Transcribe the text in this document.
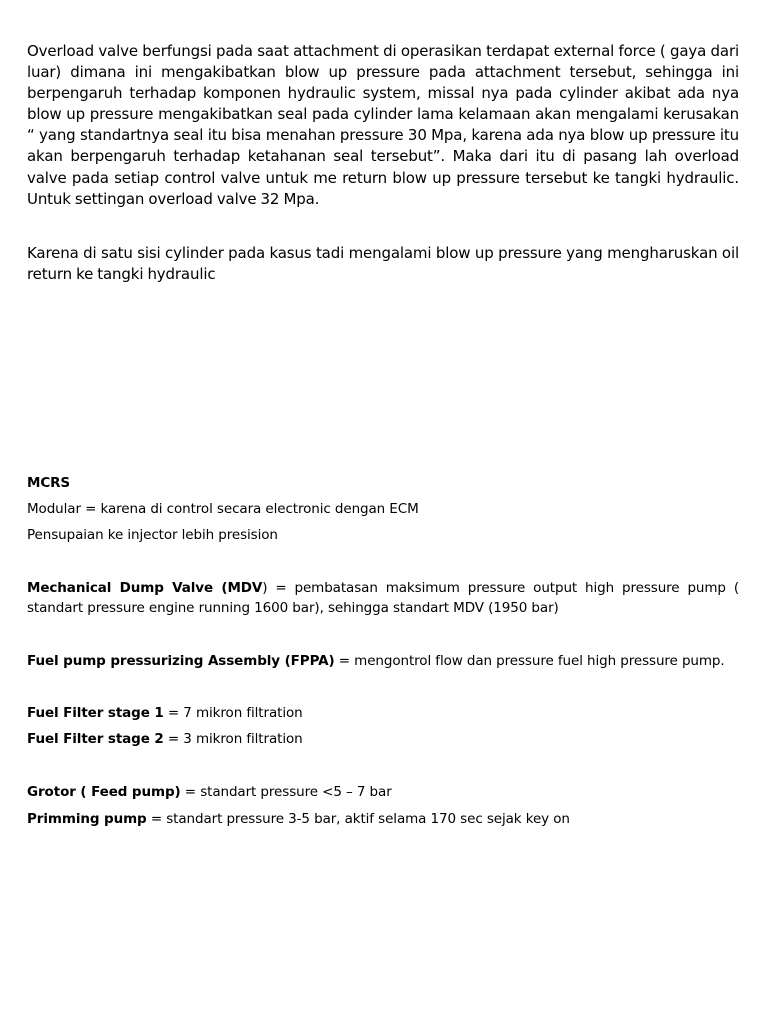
Overload valve berfungsi pada saat attachment di operasikan terdapat external force ( gaya dari luar) dimana ini mengakibatkan blow up pressure pada attachment tersebut, sehingga ini berpengaruh terhadap komponen hydraulic system, missal nya pada cylinder akibat ada nya blow up pressure mengakibatkan seal pada cylinder lama kelamaan akan mengalami kerusakan “ yang standartnya seal itu bisa menahan pressure 30 Mpa, karena ada nya blow up pressure itu akan berpengaruh terhadap ketahanan seal tersebut”. Maka dari itu di pasang lah overload valve pada setiap control valve untuk me return blow up pressure tersebut ke tangki hydraulic. Untuk settingan overload valve 32 Mpa.

Karena di satu sisi cylinder pada kasus tadi mengalami blow up pressure yang mengharuskan oil return ke tangki hydraulic

MCRS

Modular = karena di control secara electronic dengan ECM

Pensupaian ke injector lebih presision

Mechanical Dump Valve (MDV) = pembatasan maksimum pressure output high pressure pump ( standart pressure engine running 1600 bar), sehingga standart MDV (1950 bar)

Fuel pump pressurizing Assembly (FPPA) = mengontrol flow dan pressure fuel high pressure pump.

Fuel Filter stage 1 = 7 mikron filtration

Fuel Filter stage 2 = 3 mikron filtration

Grotor ( Feed pump) = standart pressure <5 – 7 bar

Primming pump = standart pressure 3-5 bar, aktif selama 170 sec sejak key on
